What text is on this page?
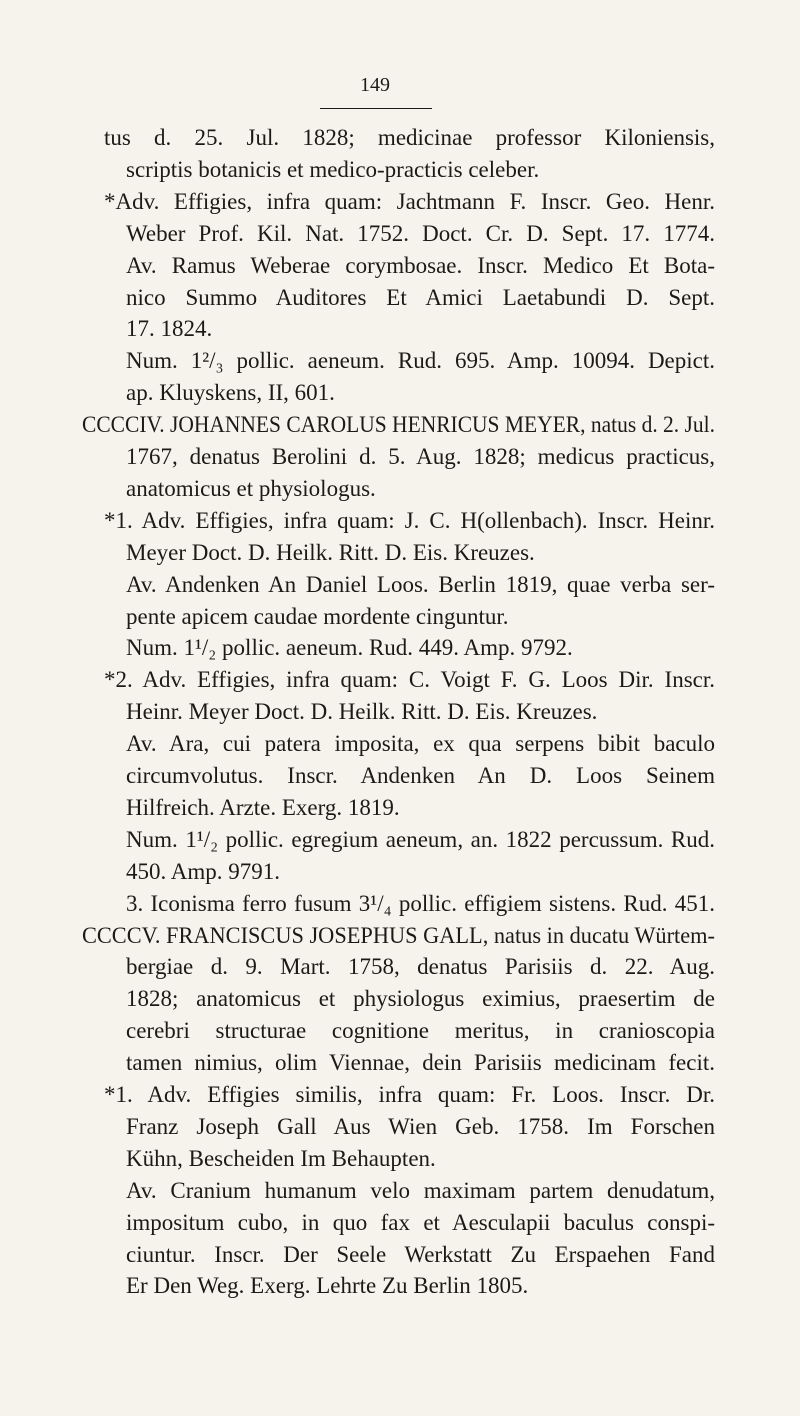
149
tus d. 25. Jul. 1828; medicinae professor Kiloniensis,
scriptis botanicis et medico-practicis celeber.
*Adv. Effigies, infra quam: Jachtmann F. Inscr. Geo. Henr.
Weber Prof. Kil. Nat. 1752. Doct. Cr. D. Sept. 17. 1774.
Av. Ramus Weberae corymbosae. Inscr. Medico Et Bota-
nico Summo Auditores Et Amici Laetabundi D. Sept.
17. 1824.
Num. 1²/₃ pollic. aeneum. Rud. 695. Amp. 10094. Depict.
ap. Kluyskens, II, 601.
CCCCIV. JOHANNES CAROLUS HENRICUS MEYER, natus d. 2. Jul.
1767, denatus Berolini d. 5. Aug. 1828; medicus practicus,
anatomicus et physiologus.
*1. Adv. Effigies, infra quam: J. C. H(ollenbach). Inscr. Heinr.
Meyer Doct. D. Heilk. Ritt. D. Eis. Kreuzes.
Av. Andenken An Daniel Loos. Berlin 1819, quae verba ser-
pente apicem caudae mordente cinguntur.
Num. 1¹/₂ pollic. aeneum. Rud. 449. Amp. 9792.
*2. Adv. Effigies, infra quam: C. Voigt F. G. Loos Dir. Inscr.
Heinr. Meyer Doct. D. Heilk. Ritt. D. Eis. Kreuzes.
Av. Ara, cui patera imposita, ex qua serpens bibit baculo
circumvolutus. Inscr. Andenken An D. Loos Seinem
Hilfreich. Arzte. Exerg. 1819.
Num. 1¹/₂ pollic. egregium aeneum, an. 1822 percussum. Rud.
450. Amp. 9791.
3. Iconisma ferro fusum 3¹/₄ pollic. effigiem sistens. Rud. 451.
CCCCV. FRANCISCUS JOSEPHUS GALL, natus in ducatu Würtem-
bergiae d. 9. Mart. 1758, denatus Parisiis d. 22. Aug.
1828; anatomicus et physiologus eximius, praesertim de
cerebri structurae cognitione meritus, in cranioscopia
tamen nimius, olim Viennae, dein Parisiis medicinam fecit.
*1. Adv. Effigies similis, infra quam: Fr. Loos. Inscr. Dr.
Franz Joseph Gall Aus Wien Geb. 1758. Im Forschen
Kühn, Bescheiden Im Behaupten.
Av. Cranium humanum velo maximam partem denudatum,
impositum cubo, in quo fax et Aesculapii baculus conspi-
ciuntur. Inscr. Der Seele Werkstatt Zu Erspaehen Fand
Er Den Weg. Exerg. Lehrte Zu Berlin 1805.
